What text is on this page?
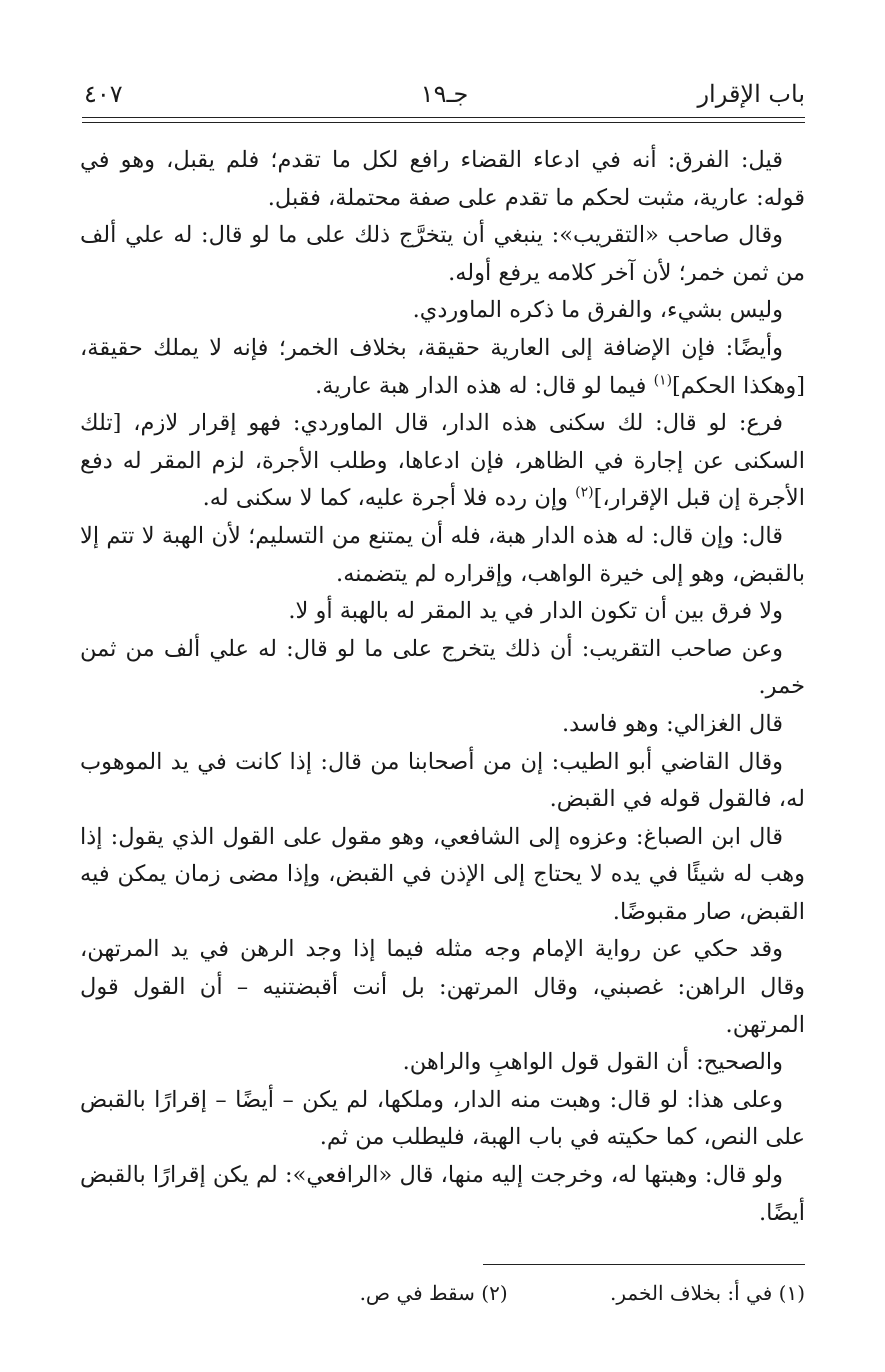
باب الإقرار
جـ١٩
٤٠٧

قيل: الفرق: أنه في ادعاء القضاء رافع لكل ما تقدم؛ فلم يقبل، وهو في قوله: عارية، مثبت لحكم ما تقدم على صفة محتملة، فقبل.

وقال صاحب «التقريب»: ينبغي أن يتخرَّج ذلك على ما لو قال: له علي ألف من ثمن خمر؛ لأن آخر كلامه يرفع أوله.

وليس بشيء، والفرق ما ذكره الماوردي.

وأيضًا: فإن الإضافة إلى العارية حقيقة، بخلاف الخمر؛ فإنه لا يملك حقيقة، [وهكذا الحكم]$^{(١)}$ فيما لو قال: له هذه الدار هبة عارية.

فرع: لو قال: لك سكنى هذه الدار، قال الماوردي: فهو إقرار لازم، [تلك السكنى عن إجارة في الظاهر، فإن ادعاها، وطلب الأجرة، لزم المقر له دفع الأجرة إن قبل الإقرار،]$^{(٢)}$ وإن رده فلا أجرة عليه، كما لا سكنى له.

قال: وإن قال: له هذه الدار هبة، فله أن يمتنع من التسليم؛ لأن الهبة لا تتم إلا بالقبض، وهو إلى خيرة الواهب، وإقراره لم يتضمنه.

ولا فرق بين أن تكون الدار في يد المقر له بالهبة أو لا.

وعن صاحب التقريب: أن ذلك يتخرج على ما لو قال: له علي ألف من ثمن خمر.

قال الغزالي: وهو فاسد.

وقال القاضي أبو الطيب: إن من أصحابنا من قال: إذا كانت في يد الموهوب له، فالقول قوله في القبض.

قال ابن الصباغ: وعزوه إلى الشافعي، وهو مقول على القول الذي يقول: إذا وهب له شيئًا في يده لا يحتاج إلى الإذن في القبض، وإذا مضى زمان يمكن فيه القبض، صار مقبوضًا.

وقد حكي عن رواية الإمام وجه مثله فيما إذا وجد الرهن في يد المرتهن، وقال الراهن: غصبني، وقال المرتهن: بل أنت أقبضتنيه – أن القول قول المرتهن.

والصحيح: أن القول قول الواهبِ والراهن.

وعلى هذا: لو قال: وهبت منه الدار، وملكها، لم يكن – أيضًا – إقرارًا بالقبض على النص، كما حكيته في باب الهبة، فليطلب من ثم.

ولو قال: وهبتها له، وخرجت إليه منها، قال «الرافعي»: لم يكن إقرارًا بالقبض أيضًا.

(١) في أ: بخلاف الخمر. (٢) سقط في ص.
